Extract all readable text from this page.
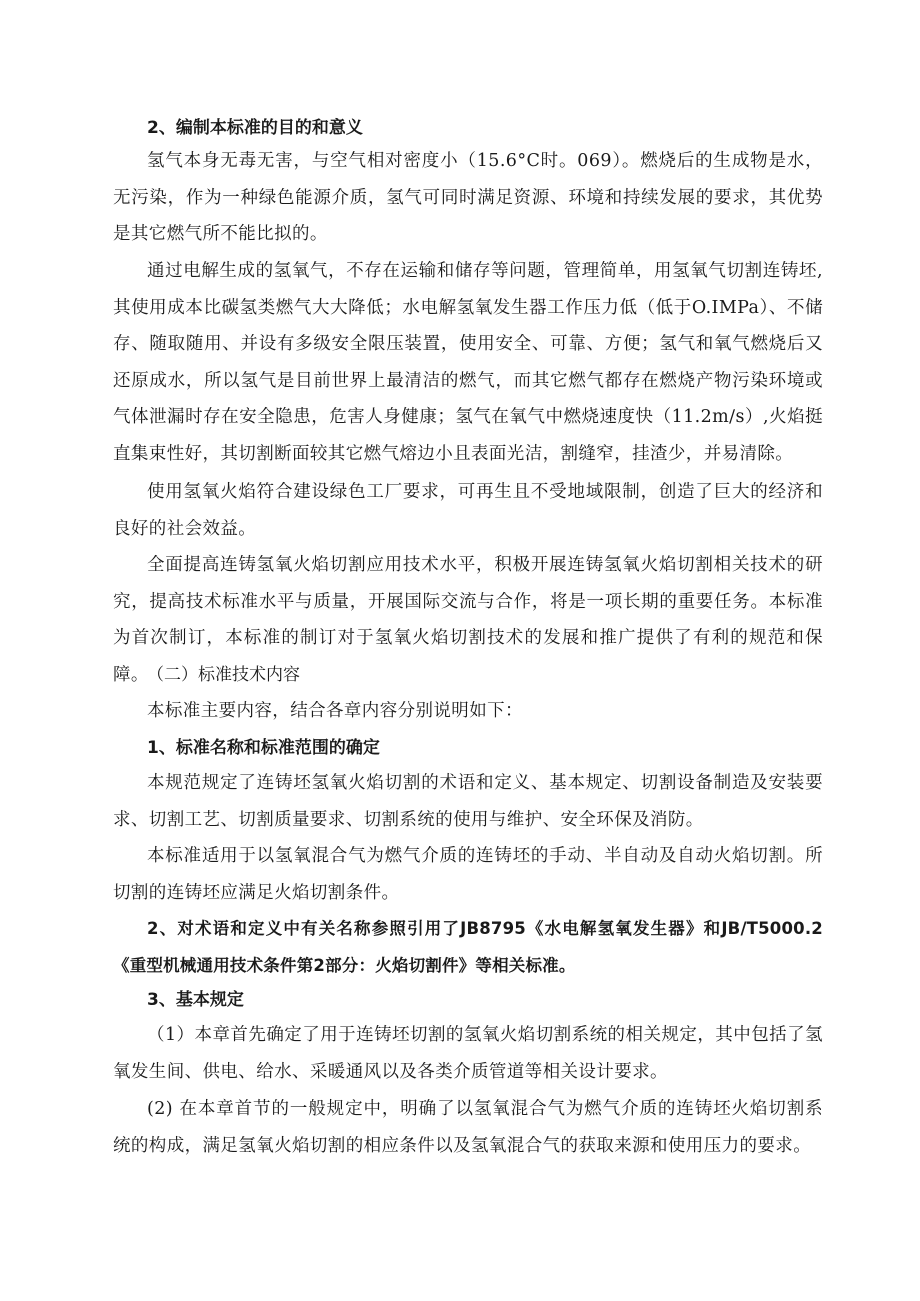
2、编制本标准的目的和意义

氢气本身无毒无害，与空气相对密度小（15.6°C时。069）。燃烧后的生成物是水，无污染，作为一种绿色能源介质，氢气可同时满足资源、环境和持续发展的要求，其优势是其它燃气所不能比拟的。

通过电解生成的氢氧气，不存在运输和储存等问题，管理简单，用氢氧气切割连铸坯,其使用成本比碳氢类燃气大大降低；水电解氢氧发生器工作压力低（低于O.IMPa）、不储存、随取随用、并设有多级安全限压装置，使用安全、可靠、方便；氢气和氧气燃烧后又还原成水，所以氢气是目前世界上最清洁的燃气，而其它燃气都存在燃烧产物污染环境或气体泄漏时存在安全隐患，危害人身健康；氢气在氧气中燃烧速度快（11.2m∕s）,火焰挺直集束性好，其切割断面较其它燃气熔边小且表面光洁，割缝窄，挂渣少，并易清除。

使用氢氧火焰符合建设绿色工厂要求，可再生且不受地域限制，创造了巨大的经济和良好的社会效益。

全面提高连铸氢氧火焰切割应用技术水平，积极开展连铸氢氧火焰切割相关技术的研究，提高技术标准水平与质量，开展国际交流与合作，将是一项长期的重要任务。本标准为首次制订，本标准的制订对于氢氧火焰切割技术的发展和推广提供了有利的规范和保障。

（二）标准技术内容

本标准主要内容，结合各章内容分别说明如下：

1、标准名称和标准范围的确定

本规范规定了连铸坯氢氧火焰切割的术语和定义、基本规定、切割设备制造及安装要求、切割工艺、切割质量要求、切割系统的使用与维护、安全环保及消防。

本标准适用于以氢氧混合气为燃气介质的连铸坯的手动、半自动及自动火焰切割。所切割的连铸坯应满足火焰切割条件。

2、对术语和定义中有关名称参照引用了JB8795《水电解氢氧发生器》和JB/T5000.2《重型机械通用技术条件第2部分：火焰切割件》等相关标准。

3、基本规定

（1）本章首先确定了用于连铸坯切割的氢氧火焰切割系统的相关规定，其中包括了氢氧发生间、供电、给水、采暖通风以及各类介质管道等相关设计要求。

(2) 在本章首节的一般规定中，明确了以氢氧混合气为燃气介质的连铸坯火焰切割系统的构成，满足氢氧火焰切割的相应条件以及氢氧混合气的获取来源和使用压力的要求。
